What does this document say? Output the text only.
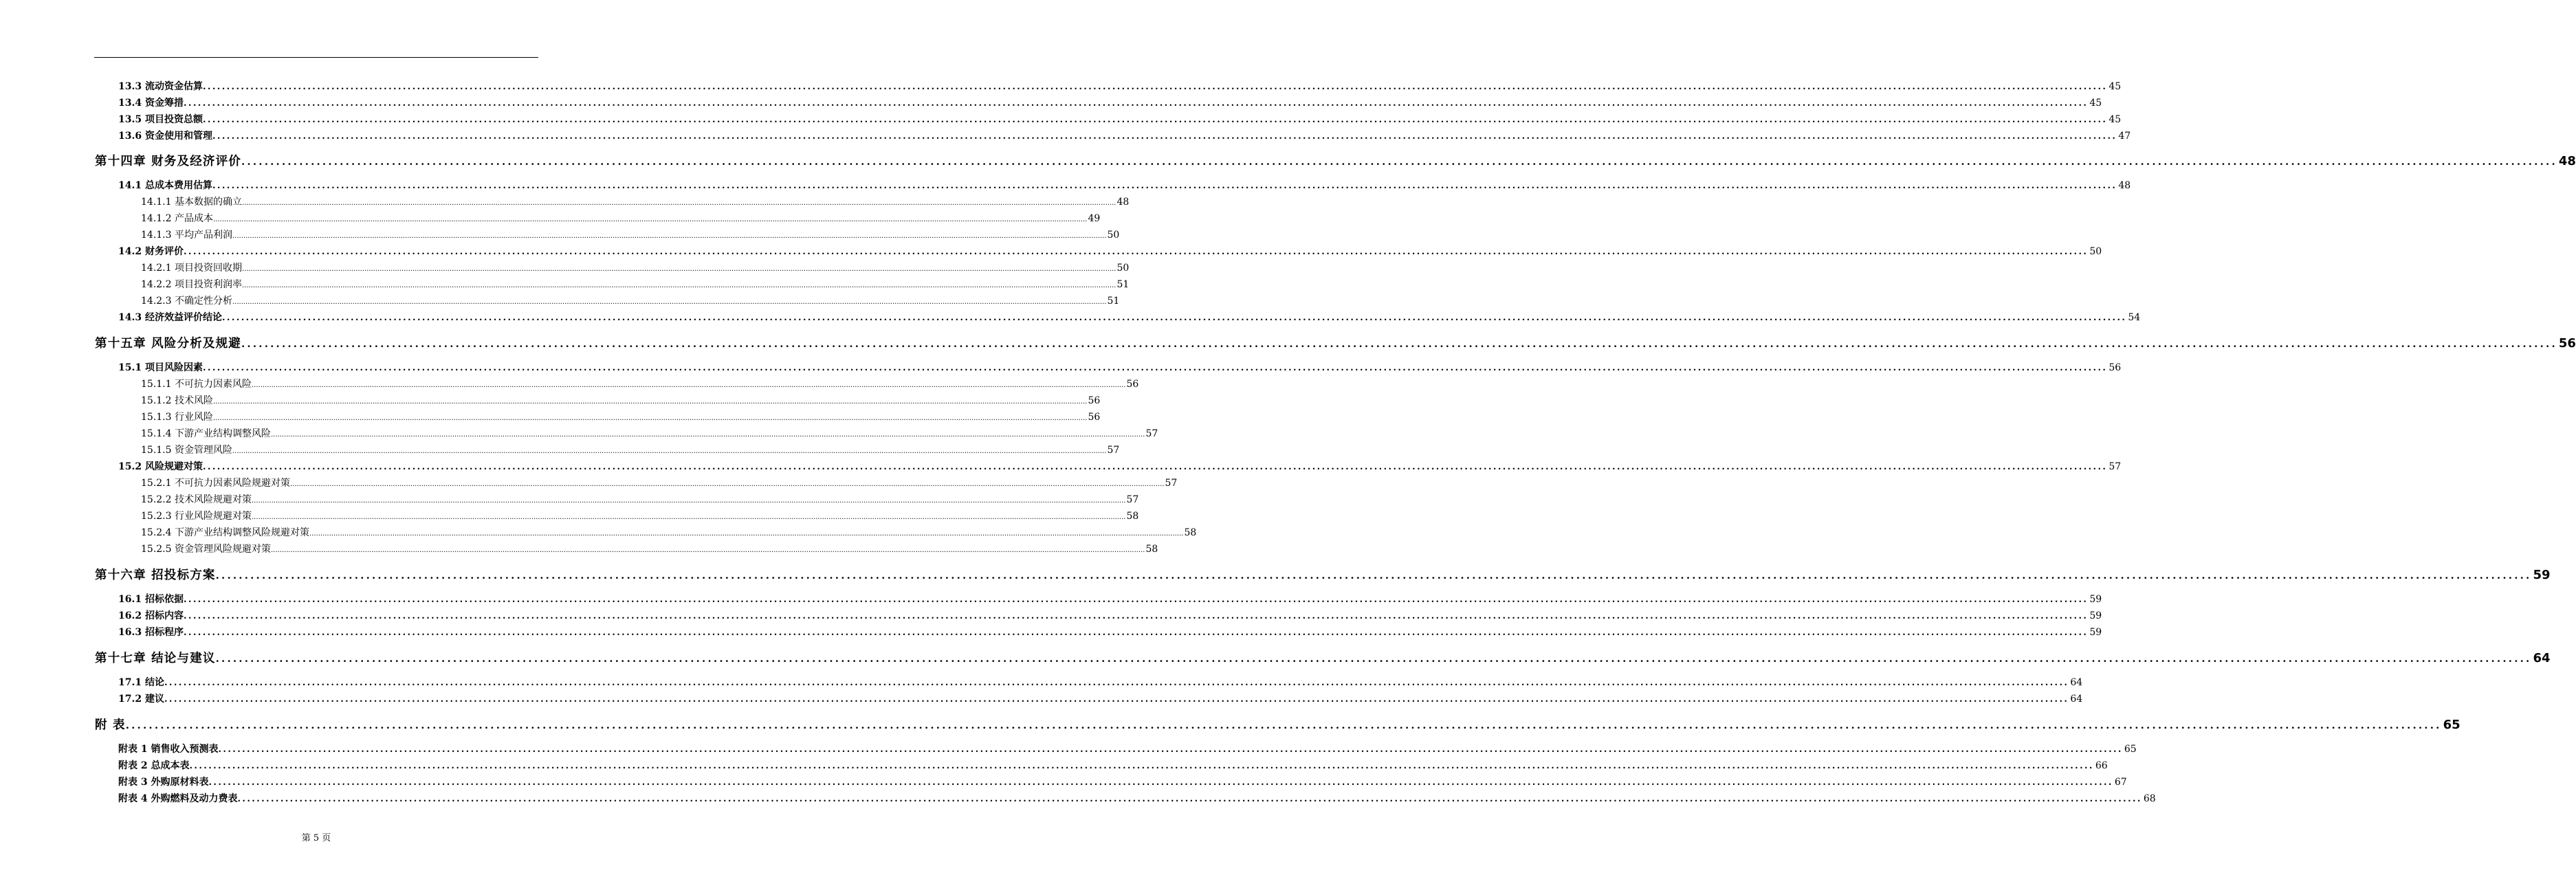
13.3 流动资金估算 ................................................................................................................................................................................................................................................................................................................................................................................................................ 45
13.4 资金筹措 ................................................................................................................................................................................................................................................................................................................................................................................................................ 45
13.5 项目投资总额 ................................................................................................................................................................................................................................................................................................................................................................................................................ 45
13.6 资金使用和管理 ................................................................................................................................................................................................................................................................................................................................................................................................................ 47
第十四章 财务及经济评价 ................................................................................................................................................................................................................................................................................................................................................................................................................ 48
14.1 总成本费用估算 ................................................................................................................................................................................................................................................................................................................................................................................................................ 48
14.1.1 基本数据的确立 ................................................................................................................................................................................................................................................................................................................................................................................................................ 48
14.1.2 产品成本 ................................................................................................................................................................................................................................................................................................................................................................................................................ 49
14.1.3 平均产品利润 ................................................................................................................................................................................................................................................................................................................................................................................................................ 50
14.2 财务评价 ................................................................................................................................................................................................................................................................................................................................................................................................................ 50
14.2.1 项目投资回收期 ................................................................................................................................................................................................................................................................................................................................................................................................................ 50
14.2.2 项目投资利润率 ................................................................................................................................................................................................................................................................................................................................................................................................................ 51
14.2.3 不确定性分析 ................................................................................................................................................................................................................................................................................................................................................................................................................ 51
14.3 经济效益评价结论 ................................................................................................................................................................................................................................................................................................................................................................................................................ 54
第十五章 风险分析及规避 ................................................................................................................................................................................................................................................................................................................................................................................................................ 56
15.1 项目风险因素 ................................................................................................................................................................................................................................................................................................................................................................................................................ 56
15.1.1 不可抗力因素风险 ................................................................................................................................................................................................................................................................................................................................................................................................................ 56
15.1.2 技术风险 ................................................................................................................................................................................................................................................................................................................................................................................................................ 56
15.1.3 行业风险 ................................................................................................................................................................................................................................................................................................................................................................................................................ 56
15.1.4 下游产业结构调整风险 ................................................................................................................................................................................................................................................................................................................................................................................................................ 57
15.1.5 资金管理风险 ................................................................................................................................................................................................................................................................................................................................................................................................................ 57
15.2 风险规避对策 ................................................................................................................................................................................................................................................................................................................................................................................................................ 57
15.2.1 不可抗力因素风险规避对策 ................................................................................................................................................................................................................................................................................................................................................................................................................ 57
15.2.2 技术风险规避对策 ................................................................................................................................................................................................................................................................................................................................................................................................................ 57
15.2.3 行业风险规避对策 ................................................................................................................................................................................................................................................................................................................................................................................................................ 58
15.2.4 下游产业结构调整风险规避对策 ................................................................................................................................................................................................................................................................................................................................................................................................................ 58
15.2.5 资金管理风险规避对策 ................................................................................................................................................................................................................................................................................................................................................................................................................ 58
第十六章 招投标方案 ................................................................................................................................................................................................................................................................................................................................................................................................................ 59
16.1 招标依据 ................................................................................................................................................................................................................................................................................................................................................................................................................ 59
16.2 招标内容 ................................................................................................................................................................................................................................................................................................................................................................................................................ 59
16.3 招标程序 ................................................................................................................................................................................................................................................................................................................................................................................................................ 59
第十七章 结论与建议 ................................................................................................................................................................................................................................................................................................................................................................................................................ 64
17.1 结论 ................................................................................................................................................................................................................................................................................................................................................................................................................ 64
17.2 建议 ................................................................................................................................................................................................................................................................................................................................................................................................................ 64
附 表 ................................................................................................................................................................................................................................................................................................................................................................................................................ 65
附表 1 销售收入预测表 ................................................................................................................................................................................................................................................................................................................................................................................................................ 65
附表 2 总成本表 ................................................................................................................................................................................................................................................................................................................................................................................................................ 66
附表 3 外购原材料表 ................................................................................................................................................................................................................................................................................................................................................................................................................ 67
附表 4 外购燃料及动力费表 ................................................................................................................................................................................................................................................................................................................................................................................................................ 68
第 5 页
